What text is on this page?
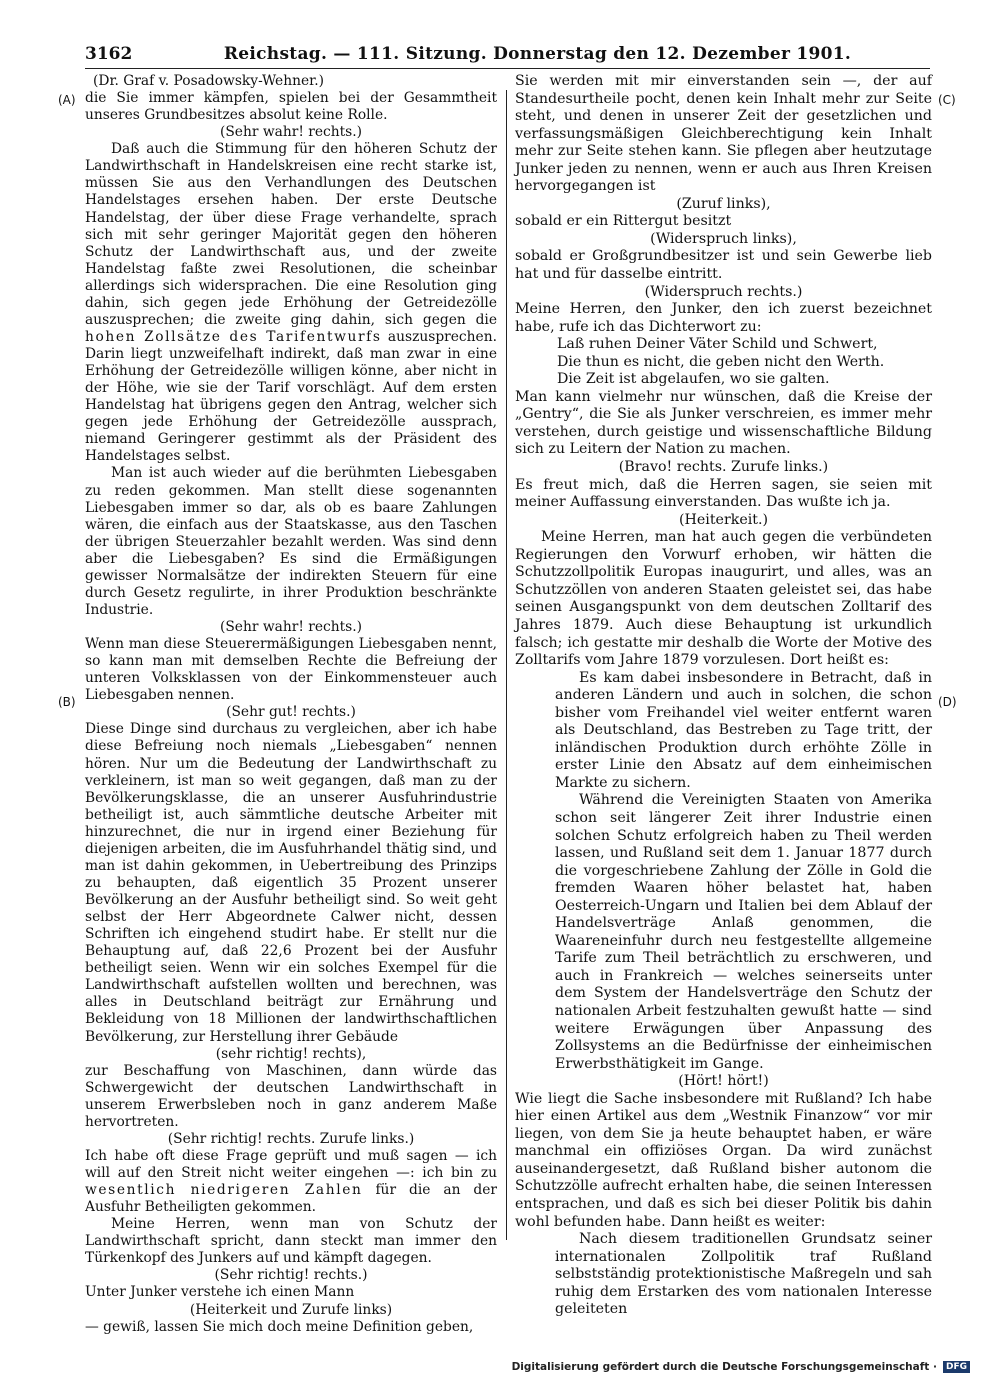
3162	Reichstag. — 111. Sitzung. Donnerstag den 12. Dezember 1901.
(A)
(B)
(C)
(D)

(Dr. Graf v. Posadowsky-Wehner.)

die Sie immer kämpfen, spielen bei der Gesammtheit unseres Grundbesitzes absolut keine Rolle.

(Sehr wahr! rechts.)

Daß auch die Stimmung für den höheren Schutz der Landwirthschaft in Handelskreisen eine recht starke ist, müssen Sie aus den Verhandlungen des Deutschen Handelstages ersehen haben. Der erste Deutsche Handelstag, der über diese Frage verhandelte, sprach sich mit sehr geringer Majorität gegen den höheren Schutz der Landwirthschaft aus, und der zweite Handelstag faßte zwei Resolutionen, die scheinbar allerdings sich widersprachen. Die eine Resolution ging dahin, sich gegen jede Erhöhung der Getreidezölle auszusprechen; die zweite ging dahin, sich gegen die hohen Zollsätze des Tarifentwurfs auszusprechen. Darin liegt unzweifelhaft indirekt, daß man zwar in eine Erhöhung der Getreidezölle willigen könne, aber nicht in der Höhe, wie sie der Tarif vorschlägt. Auf dem ersten Handelstag hat übrigens gegen den Antrag, welcher sich gegen jede Erhöhung der Getreidezölle aussprach, niemand Geringerer gestimmt als der Präsident des Handelstages selbst.

Man ist auch wieder auf die berühmten Liebesgaben zu reden gekommen. Man stellt diese sogenannten Liebesgaben immer so dar, als ob es baare Zahlungen wären, die einfach aus der Staatskasse, aus den Taschen der übrigen Steuerzahler bezahlt werden. Was sind denn aber die Liebesgaben? Es sind die Ermäßigungen gewisser Normalsätze der indirekten Steuern für eine durch Gesetz regulirte, in ihrer Produktion beschränkte Industrie.

(Sehr wahr! rechts.)

Wenn man diese Steuerermäßigungen Liebesgaben nennt, so kann man mit demselben Rechte die Befreiung der unteren Volksklassen von der Einkommensteuer auch Liebesgaben nennen.

(Sehr gut! rechts.)

Diese Dinge sind durchaus zu vergleichen, aber ich habe diese Befreiung noch niemals „Liebesgaben“ nennen hören. Nur um die Bedeutung der Landwirthschaft zu verkleinern, ist man so weit gegangen, daß man zu der Bevölkerungsklasse, die an unserer Ausfuhrindustrie betheiligt ist, auch sämmtliche deutsche Arbeiter mit hinzurechnet, die nur in irgend einer Beziehung für diejenigen arbeiten, die im Ausfuhrhandel thätig sind, und man ist dahin gekommen, in Uebertreibung des Prinzips zu behaupten, daß eigentlich 35 Prozent unserer Bevölkerung an der Ausfuhr betheiligt sind. So weit geht selbst der Herr Abgeordnete Calwer nicht, dessen Schriften ich eingehend studirt habe. Er stellt nur die Behauptung auf, daß 22,6 Prozent bei der Ausfuhr betheiligt seien. Wenn wir ein solches Exempel für die Landwirthschaft aufstellen wollten und berechnen, was alles in Deutschland beiträgt zur Ernährung und Bekleidung von 18 Millionen der landwirthschaftlichen Bevölkerung, zur Herstellung ihrer Gebäude

(sehr richtig! rechts),

zur Beschaffung von Maschinen, dann würde das Schwergewicht der deutschen Landwirthschaft in unserem Erwerbsleben noch in ganz anderem Maße hervortreten.

(Sehr richtig! rechts. Zurufe links.)

Ich habe oft diese Frage geprüft und muß sagen — ich will auf den Streit nicht weiter eingehen —: ich bin zu wesentlich niedrigeren Zahlen für die an der Ausfuhr Betheiligten gekommen.

Meine Herren, wenn man von Schutz der Landwirthschaft spricht, dann steckt man immer den Türkenkopf des Junkers auf und kämpft dagegen.

(Sehr richtig! rechts.)

Unter Junker verstehe ich einen Mann

(Heiterkeit und Zurufe links)

— gewiß, lassen Sie mich doch meine Definition geben,

Sie werden mit mir einverstanden sein —, der auf Standesurtheile pocht, denen kein Inhalt mehr zur Seite steht, und denen in unserer Zeit der gesetzlichen und verfassungsmäßigen Gleichberechtigung kein Inhalt mehr zur Seite stehen kann. Sie pflegen aber heutzutage Junker jeden zu nennen, wenn er auch aus Ihren Kreisen hervorgegangen ist

(Zuruf links),

sobald er ein Rittergut besitzt

(Widerspruch links),

sobald er Großgrundbesitzer ist und sein Gewerbe lieb hat und für dasselbe eintritt.

(Widerspruch rechts.)

Meine Herren, den Junker, den ich zuerst bezeichnet habe, rufe ich das Dichterwort zu:

Laß ruhen Deiner Väter Schild und Schwert,

Die thun es nicht, die geben nicht den Werth.

Die Zeit ist abgelaufen, wo sie galten.

Man kann vielmehr nur wünschen, daß die Kreise der „Gentry“, die Sie als Junker verschreien, es immer mehr verstehen, durch geistige und wissenschaftliche Bildung sich zu Leitern der Nation zu machen.

(Bravo! rechts. Zurufe links.)

Es freut mich, daß die Herren sagen, sie seien mit meiner Auffassung einverstanden. Das wußte ich ja.

(Heiterkeit.)

Meine Herren, man hat auch gegen die verbündeten Regierungen den Vorwurf erhoben, wir hätten die Schutzzollpolitik Europas inaugurirt, und alles, was an Schutzzöllen von anderen Staaten geleistet sei, das habe seinen Ausgangspunkt von dem deutschen Zolltarif des Jahres 1879. Auch diese Behauptung ist urkundlich falsch; ich gestatte mir deshalb die Worte der Motive des Zolltarifs vom Jahre 1879 vorzulesen. Dort heißt es:

Es kam dabei insbesondere in Betracht, daß in anderen Ländern und auch in solchen, die schon bisher vom Freihandel viel weiter entfernt waren als Deutschland, das Bestreben zu Tage tritt, der inländischen Produktion durch erhöhte Zölle in erster Linie den Absatz auf dem einheimischen Markte zu sichern.

Während die Vereinigten Staaten von Amerika schon seit längerer Zeit ihrer Industrie einen solchen Schutz erfolgreich haben zu Theil werden lassen, und Rußland seit dem 1. Januar 1877 durch die vorgeschriebene Zahlung der Zölle in Gold die fremden Waaren höher belastet hat, haben Oesterreich-Ungarn und Italien bei dem Ablauf der Handelsverträge Anlaß genommen, die Waareneinfuhr durch neu festgestellte allgemeine Tarife zum Theil beträchtlich zu erschweren, und auch in Frankreich — welches seinerseits unter dem System der Handelsverträge den Schutz der nationalen Arbeit festzuhalten gewußt hatte — sind weitere Erwägungen über Anpassung des Zollsystems an die Bedürfnisse der einheimischen Erwerbsthätigkeit im Gange.

(Hört! hört!)

Wie liegt die Sache insbesondere mit Rußland? Ich habe hier einen Artikel aus dem „Westnik Finanzow“ vor mir liegen, von dem Sie ja heute behauptet haben, er wäre manchmal ein offiziöses Organ. Da wird zunächst auseinandergesetzt, daß Rußland bisher autonom die Schutzzölle aufrecht erhalten habe, die seinen Interessen entsprachen, und daß es sich bei dieser Politik bis dahin wohl befunden habe. Dann heißt es weiter:

Nach diesem traditionellen Grundsatz seiner internationalen Zollpolitik traf Rußland selbstständig protektionistische Maßregeln und sah ruhig dem Erstarken des vom nationalen Interesse geleiteten

Digitalisierung gefördert durch die Deutsche Forschungsgemeinschaft ·	DFG
